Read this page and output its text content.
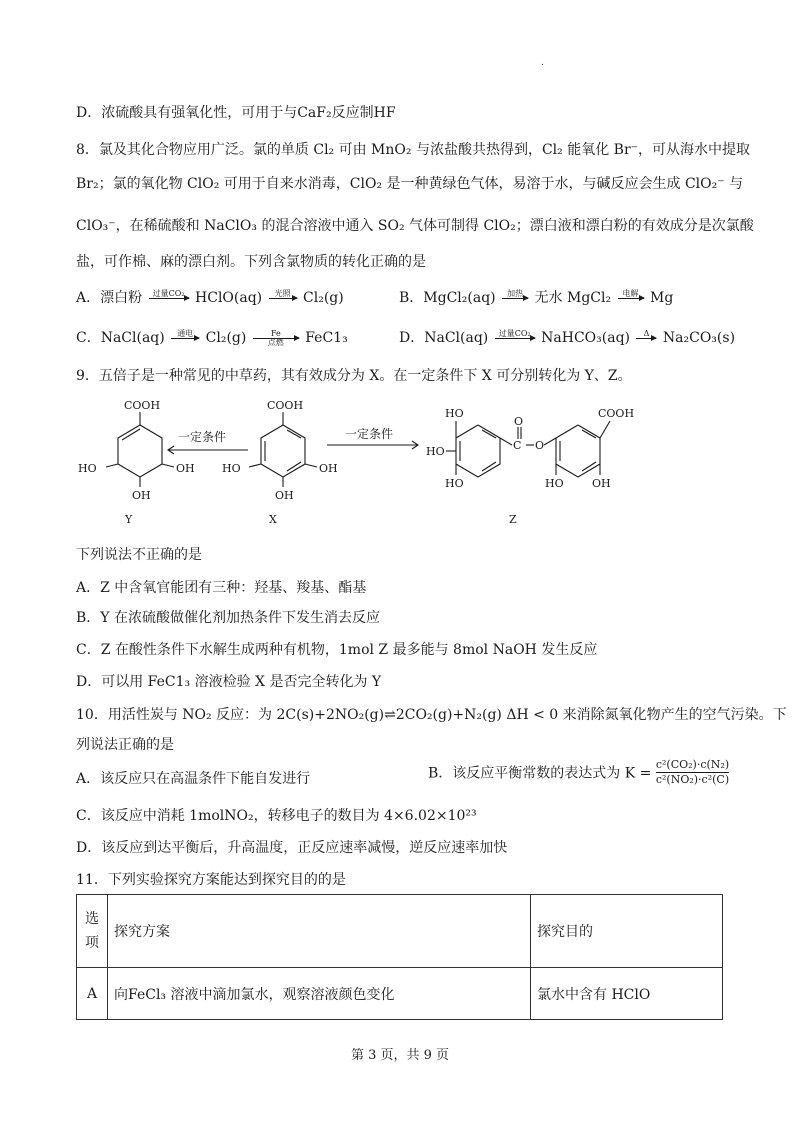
.
D．浓硫酸具有强氧化性，可用于与CaF₂反应制HF
8．氯及其化合物应用广泛。氯的单质 Cl₂ 可由 MnO₂ 与浓盐酸共热得到，Cl₂ 能氧化 Br⁻，可从海水中提取
Br₂；氯的氧化物 ClO₂ 可用于自来水消毒，ClO₂ 是一种黄绿色气体，易溶于水，与碱反应会生成 ClO₂⁻ 与
ClO₃⁻，在稀硫酸和 NaClO₃ 的混合溶液中通入 SO₂ 气体可制得 ClO₂；漂白液和漂白粉的有效成分是次氯酸
盐，可作棉、麻的漂白剂。下列含氯物质的转化正确的是
A．漂白粉	过量CO₂
HClO(aq)	光照
Cl₂(g)	B．MgCl₂(aq)	加热
无水 MgCl₂	电解
Mg
C．NaCl(aq)	通电
Cl₂(g)	Fe
点燃	FeC1₃	D．NaCl(aq)	过量CO₂
NaHCO₃(aq)	Δ
Na₂CO₃(s)
9．五倍子是一种常见的中草药，其有效成分为 X。在一定条件下 X 可分别转化为 Y、Z。
COOH
HO	OH
OH
Y
一定条件
COOH
HO	OH
OH
X
一定条件
HO
HO
HO
O
C O
COOH
HO	OH
Z
下列说法不正确的是
A．Z 中含氧官能团有三种：羟基、羧基、酯基
B．Y 在浓硫酸做催化剂加热条件下发生消去反应
C．Z 在酸性条件下水解生成两种有机物，1mol Z 最多能与 8mol NaOH 发生反应
D．可以用 FeC1₃ 溶液检验 X 是否完全转化为 Y
10．用活性炭与 NO₂ 反应：为 2C(s)+2NO₂(g)⇌2CO₂(g)+N₂(g) ΔH < 0 来消除氮氧化物产生的空气污染。下
列说法正确的是
A．该反应只在高温条件下能自发进行	B．该反应平衡常数的表达式为 $K = \frac{\text{c²(CO₂)·c(N₂)}}{\text{c²(NO₂)·c²(C)}}$
C．该反应中消耗 1molNO₂，转移电子的数目为 4×6.02×10²³
D．该反应到达平衡后，升高温度，正反应速率减慢，逆反应速率加快
11．下列实验探究方案能达到探究目的的是
选项	探究方案	探究目的
A	向FeCl₃ 溶液中滴加氯水，观察溶液颜色变化	氯水中含有 HClO
第 3 页，共 9 页
